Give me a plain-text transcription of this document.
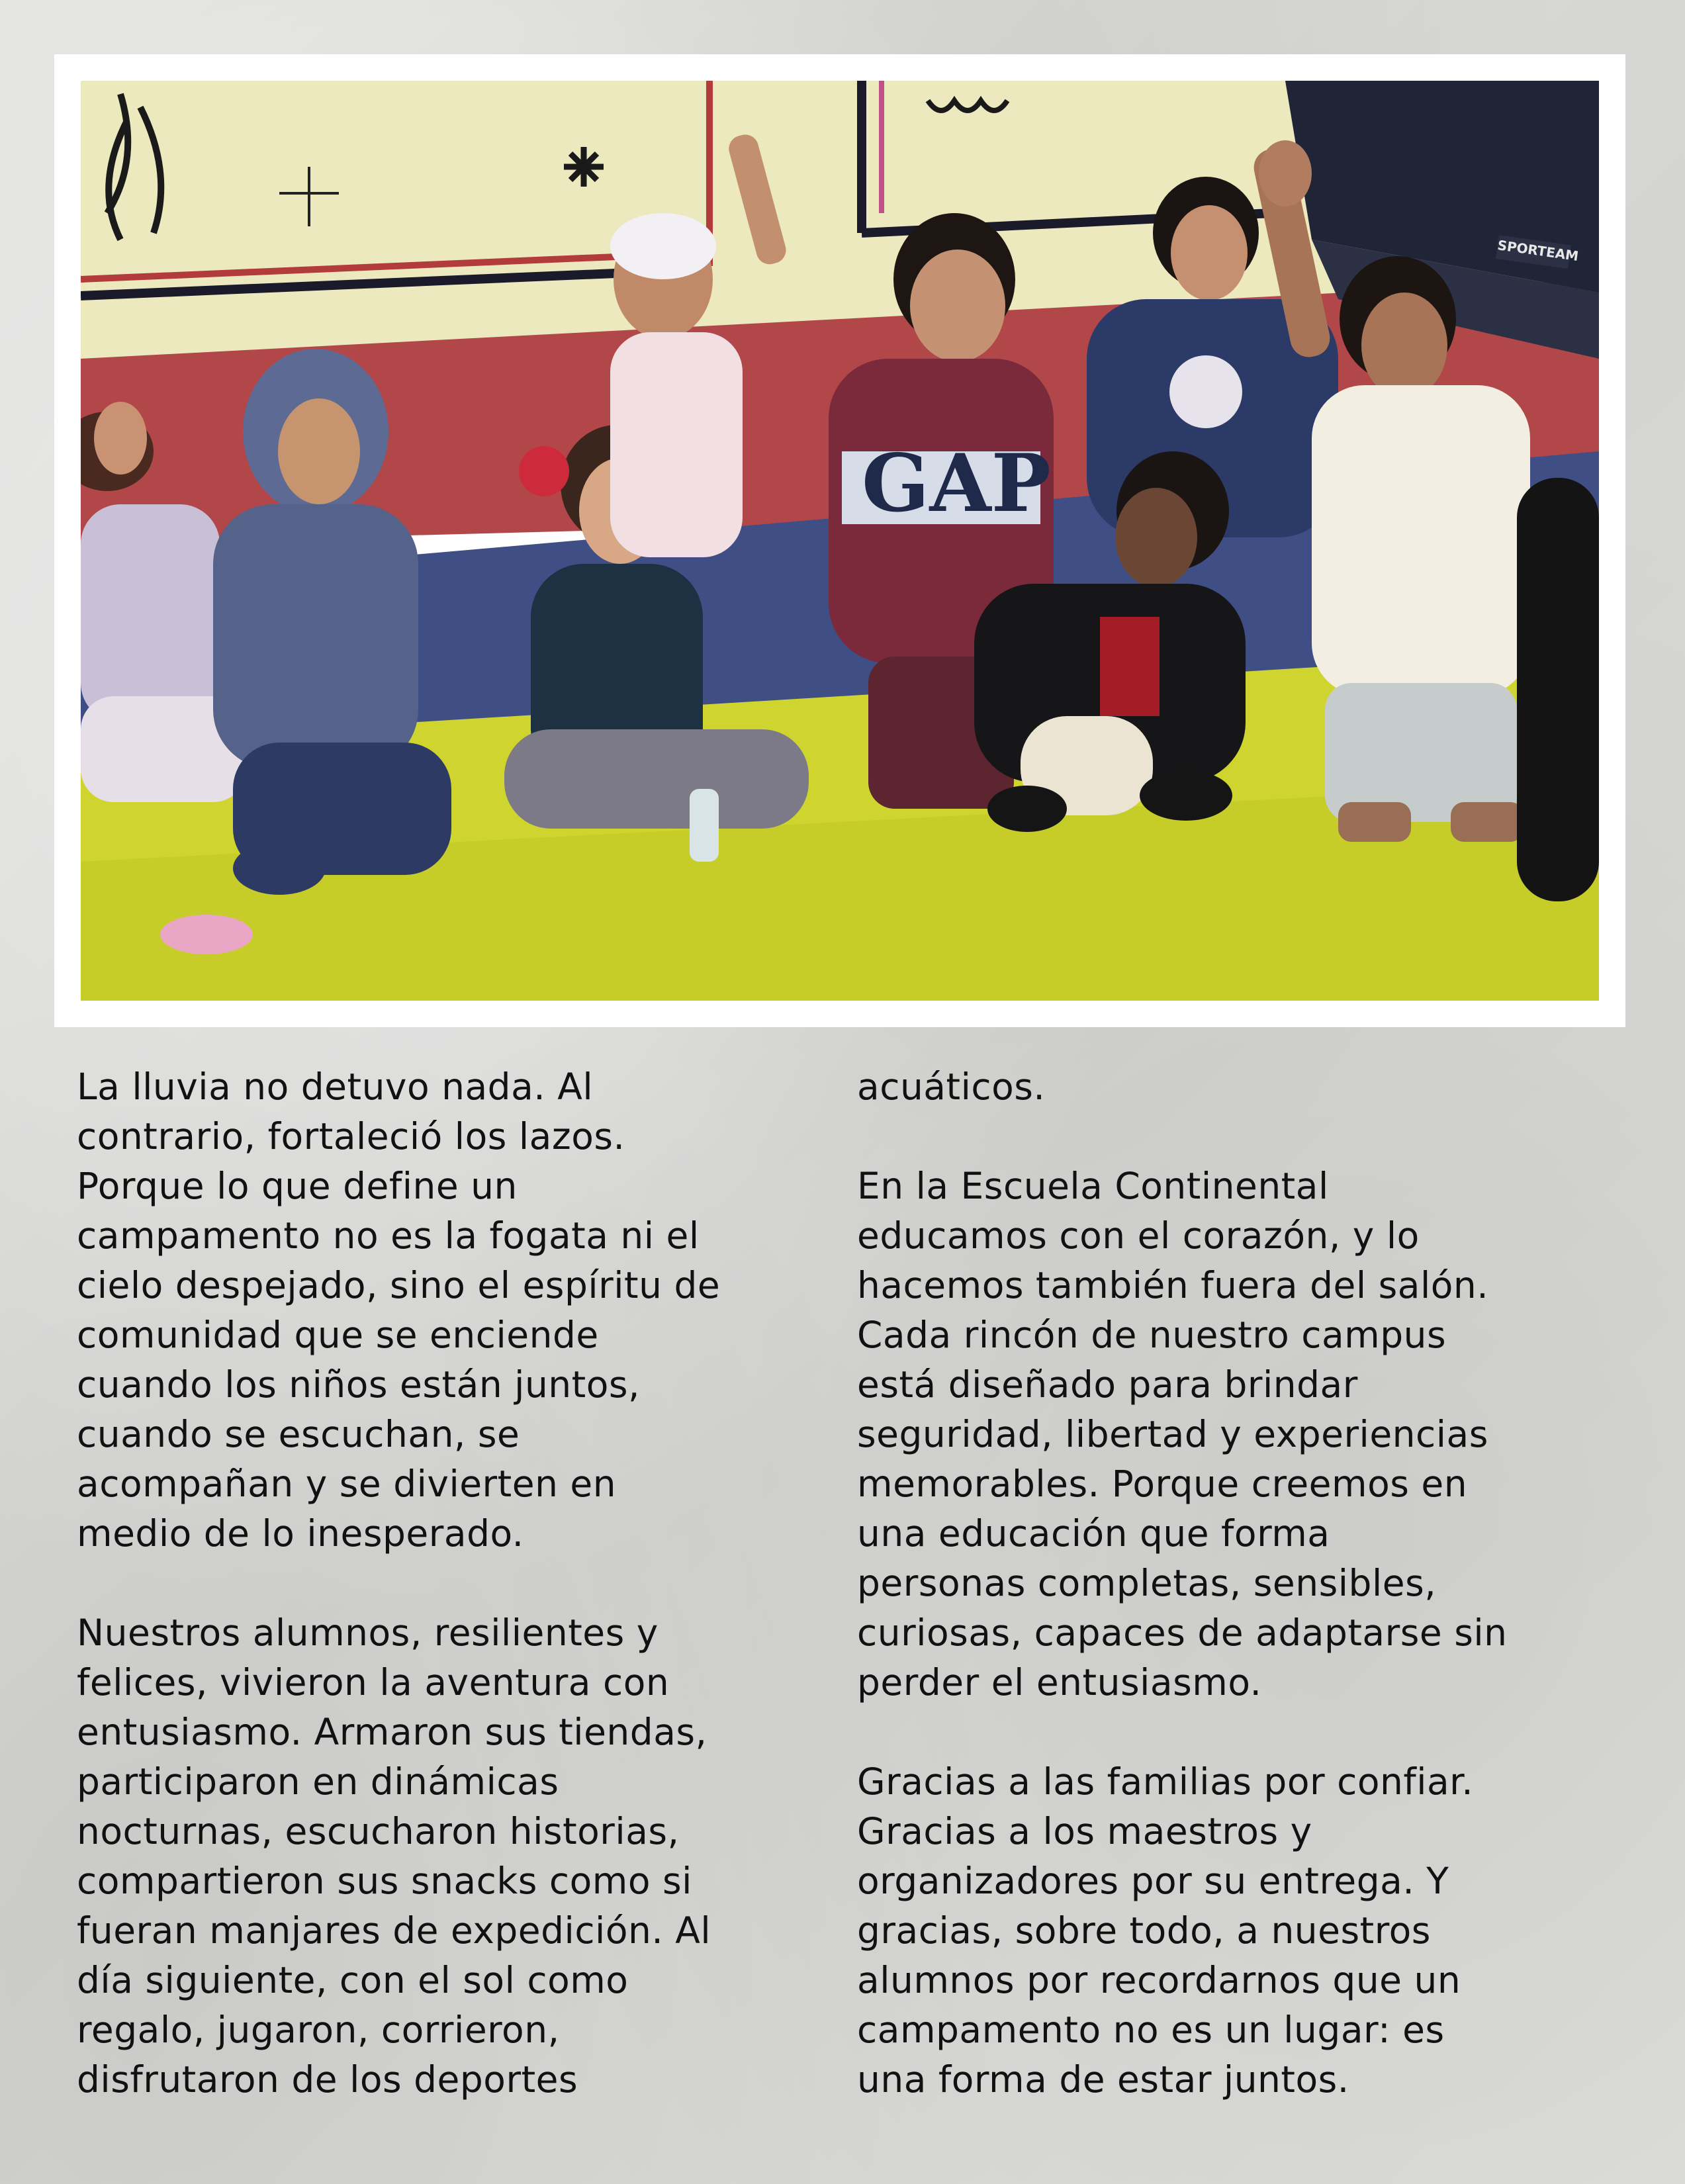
SPORTEAM
GAP

La lluvia no detuvo nada. Al
contrario, fortaleció los lazos.
Porque lo que define un
campamento no es la fogata ni el
cielo despejado, sino el espíritu de
comunidad que se enciende
cuando los niños están juntos,
cuando se escuchan, se
acompañan y se divierten en
medio de lo inesperado.

Nuestros alumnos, resilientes y
felices, vivieron la aventura con
entusiasmo. Armaron sus tiendas,
participaron en dinámicas
nocturnas, escucharon historias,
compartieron sus snacks como si
fueran manjares de expedición. Al
día siguiente, con el sol como
regalo, jugaron, corrieron,
disfrutaron de los deportes

acuáticos.

En la Escuela Continental
educamos con el corazón, y lo
hacemos también fuera del salón.
Cada rincón de nuestro campus
está diseñado para brindar
seguridad, libertad y experiencias
memorables. Porque creemos en
una educación que forma
personas completas, sensibles,
curiosas, capaces de adaptarse sin
perder el entusiasmo.

Gracias a las familias por confiar.
Gracias a los maestros y
organizadores por su entrega. Y
gracias, sobre todo, a nuestros
alumnos por recordarnos que un
campamento no es un lugar: es
una forma de estar juntos.
